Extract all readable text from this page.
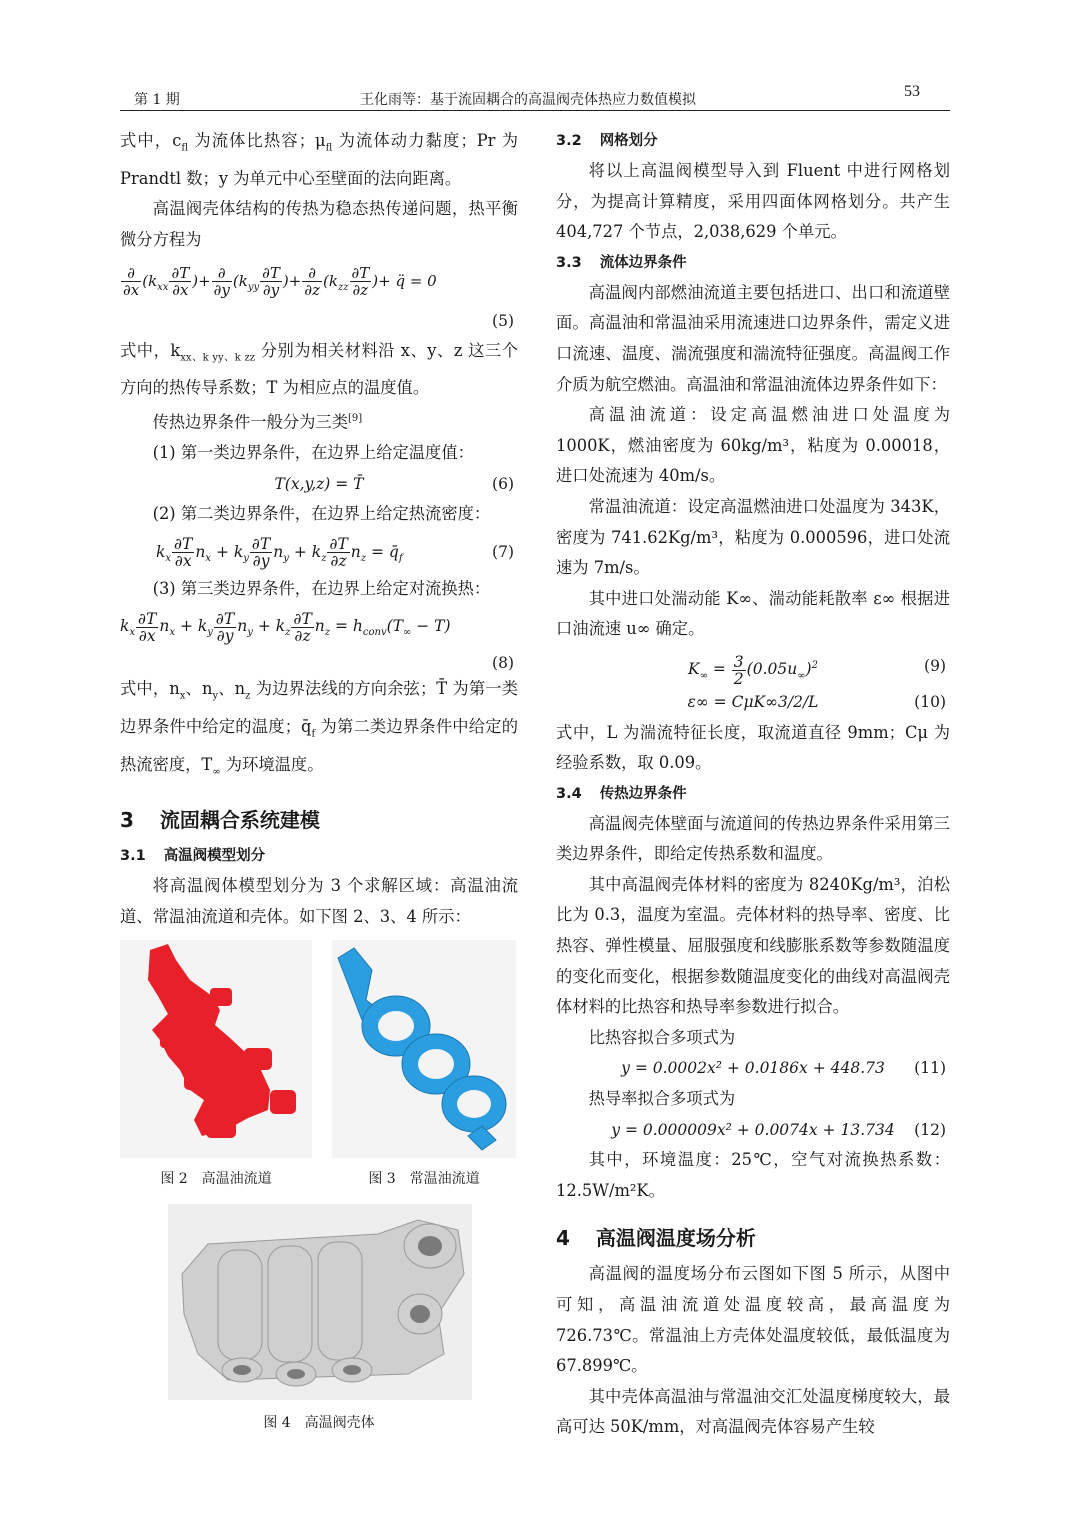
第 1 期	王化雨等：基于流固耦合的高温阀壳体热应力数值模拟	53

式中，$c_{fl}$ 为流体比热容；$\mu_{fl}$ 为流体动力黏度；Pr 为 Prandtl 数；y 为单元中心至壁面的法向距离。

高温阀壳体结构的传热为稳态热传递问题，热平衡微分方程为

$\frac{\partial}{\partial x} (k_{xx} \frac{\partial T}{\partial x}$ )+ $\frac{\partial}{\partial y} (k_{yy} \frac{\partial T}{\partial y}$ )+ $\frac{\partial}{\partial z} (k_{zz} \frac{\partial T}{\partial z}$ )+ q̈ = 0
(5)

式中，$k_{xx、k yy、k zz}$ 分别为相关材料沿 x、y、z 这三个方向的热传导系数；T 为相应点的温度值。

传热边界条件一般分为三类[9]

(1) 第一类边界条件，在边界上给定温度值：

T(x,y,z) = T̄	(6)

(2) 第二类边界条件，在边界上给定热流密度：

$k_x \frac{\partial T}{\partial x} n_x + k_y \frac{\partial T}{\partial y} n_y + k_z \frac{\partial T}{\partial z} n_z$ = $q̄_f$	(7)

(3) 第三类边界条件，在边界上给定对流换热：

$k_x \frac{\partial T}{\partial x} n_x + k_y \frac{\partial T}{\partial y} n_y + k_z \frac{\partial T}{\partial z} n_z = h_{conv}(T_\infty - T)$
(8)

式中，$n_x$、$n_y$、$n_z$ 为边界法线的方向余弦；T̄ 为第一类边界条件中给定的温度；$q̄_f$ 为第二类边界条件中给定的热流密度，$T_\infty$ 为环境温度。

3 流固耦合系统建模
3.1 高温阀模型划分

将高温阀体模型划分为 3 个求解区域：高温油流道、常温油流道和壳体。如下图 2、3、4 所示：

图 2　高温油流道	图 3　常温油流道
图 4　高温阀壳体
3.2 网格划分

将以上高温阀模型导入到 Fluent 中进行网格划分，为提高计算精度，采用四面体网格划分。共产生 404,727 个节点，2,038,629 个单元。

3.3 流体边界条件

高温阀内部燃油流道主要包括进口、出口和流道壁面。高温油和常温油采用流速进口边界条件，需定义进口流速、温度、湍流强度和湍流特征强度。高温阀工作介质为航空燃油。高温油和常温油流体边界条件如下：

高温油流道：设定高温燃油进口处温度为 1000K，燃油密度为 60kg/m³，粘度为 0.00018，进口处流速为 40m/s。

常温油流道：设定高温燃油进口处温度为 343K，密度为 741.62Kg/m³，粘度为 0.000596，进口处流速为 7m/s。

其中进口处湍动能 K∞、湍动能耗散率 ε∞ 根据进口油流速 u∞ 确定。

$K_\infty = \frac{3}{2} (0.05u_\infty)^2$	(9)
ε∞ = CμK∞3/2/L	(10)

式中，L 为湍流特征长度，取流道直径 9mm；Cμ 为经验系数，取 0.09。

3.4 传热边界条件

高温阀壳体壁面与流道间的传热边界条件采用第三类边界条件，即给定传热系数和温度。

其中高温阀壳体材料的密度为 8240Kg/m³，泊松比为 0.3，温度为室温。壳体材料的热导率、密度、比热容、弹性模量、屈服强度和线膨胀系数等参数随温度的变化而变化，根据参数随温度变化的曲线对高温阀壳体材料的比热容和热导率参数进行拟合。

比热容拟合多项式为

y = 0.0002x² + 0.0186x + 448.73 (11)

热导率拟合多项式为

y = 0.000009x² + 0.0074x + 13.734 (12)

其中，环境温度：25℃，空气对流换热系数：12.5W/m²K。

4 高温阀温度场分析

高温阀的温度场分布云图如下图 5 所示，从图中可知，高温油流道处温度较高，最高温度为 726.73℃。常温油上方壳体处温度较低，最低温度为 67.899℃。

其中壳体高温油与常温油交汇处温度梯度较大，最高可达 50K/mm，对高温阀壳体容易产生较
